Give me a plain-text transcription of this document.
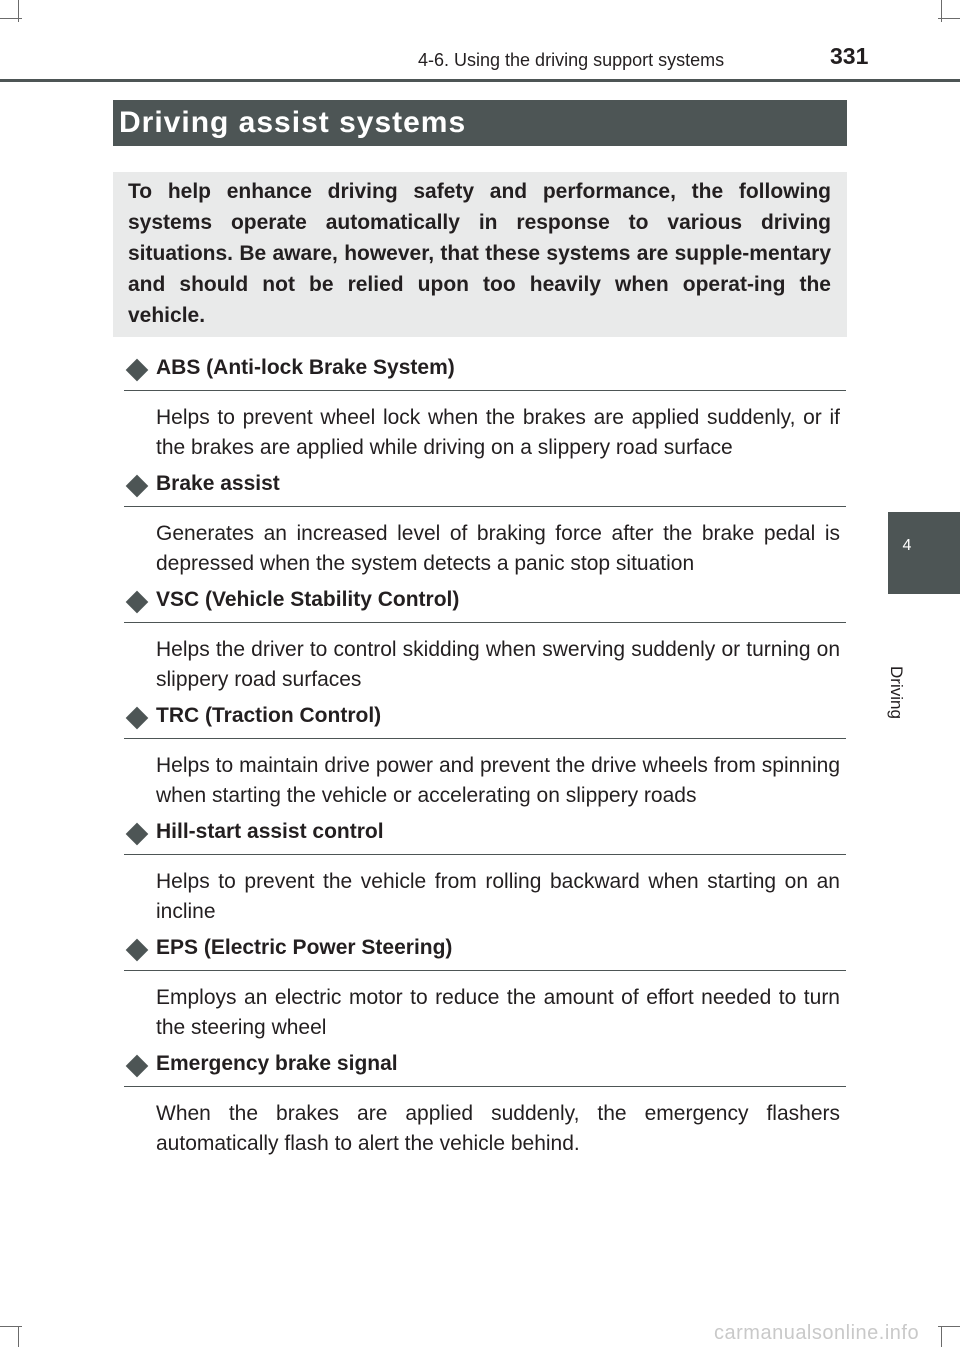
4-6. Using the driving support systems	331
Driving assist systems
To help enhance driving safety and performance, the following systems operate automatically in response to various driving situations. Be aware, however, that these systems are supple-mentary and should not be relied upon too heavily when operat-ing the vehicle.
ABS (Anti-lock Brake System)
Helps to prevent wheel lock when the brakes are applied suddenly, or if the brakes are applied while driving on a slippery road surface
Brake assist
Generates an increased level of braking force after the brake pedal is depressed when the system detects a panic stop situation
VSC (Vehicle Stability Control)
Helps the driver to control skidding when swerving suddenly or turning on slippery road surfaces
TRC (Traction Control)
Helps to maintain drive power and prevent the drive wheels from spinning when starting the vehicle or accelerating on slippery roads
Hill-start assist control
Helps to prevent the vehicle from rolling backward when starting on an incline
EPS (Electric Power Steering)
Employs an electric motor to reduce the amount of effort needed to turn the steering wheel
Emergency brake signal
When the brakes are applied suddenly, the emergency flashers automatically flash to alert the vehicle behind.
4
Driving
carmanualsonline.info
